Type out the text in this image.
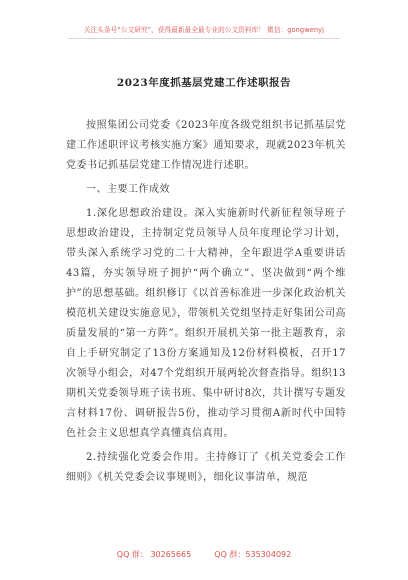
关注头条号“公文研究”，获得最新最全最专业的公文资料库！ 微信：gongwenyj
2023年度抓基层党建工作述职报告

按照集团公司党委《2023年度各级党组织书记抓基层党建工作述职评议考核实施方案》通知要求，现就2023年机关党委书记抓基层党建工作情况进行述职。

一、主要工作成效

1.深化思想政治建设。深入实施新时代新征程领导班子思想政治建设，主持制定党员领导人员年度理论学习计划，带头深入系统学习党的二十大精神，全年跟进学A重要讲话43篇，夯实领导班子拥护“两个确立”、坚决做到“两个维护”的思想基础。组织修订《以首善标准进一步深化政治机关模范机关建设实施意见》，带领机关党组坚持走好集团公司高质量发展的“第一方阵”。组织开展机关第一批主题教育，亲自上手研究制定了13份方案通知及12份材料模板，召开17次领导小组会，对47个党组织开展两轮次督查指导。组织13期机关党委领导班子读书班、集中研讨8次，共计撰写专题发言材料17份、调研报告5份，推动学习贯彻A新时代中国特色社会主义思想真学真懂真信真用。

2.持续强化党委会作用。主持修订了《机关党委会工作细则》《机关党委会议事规则》，细化议事清单，规范

QQ 群： 30265665	QQ 群：535304092
